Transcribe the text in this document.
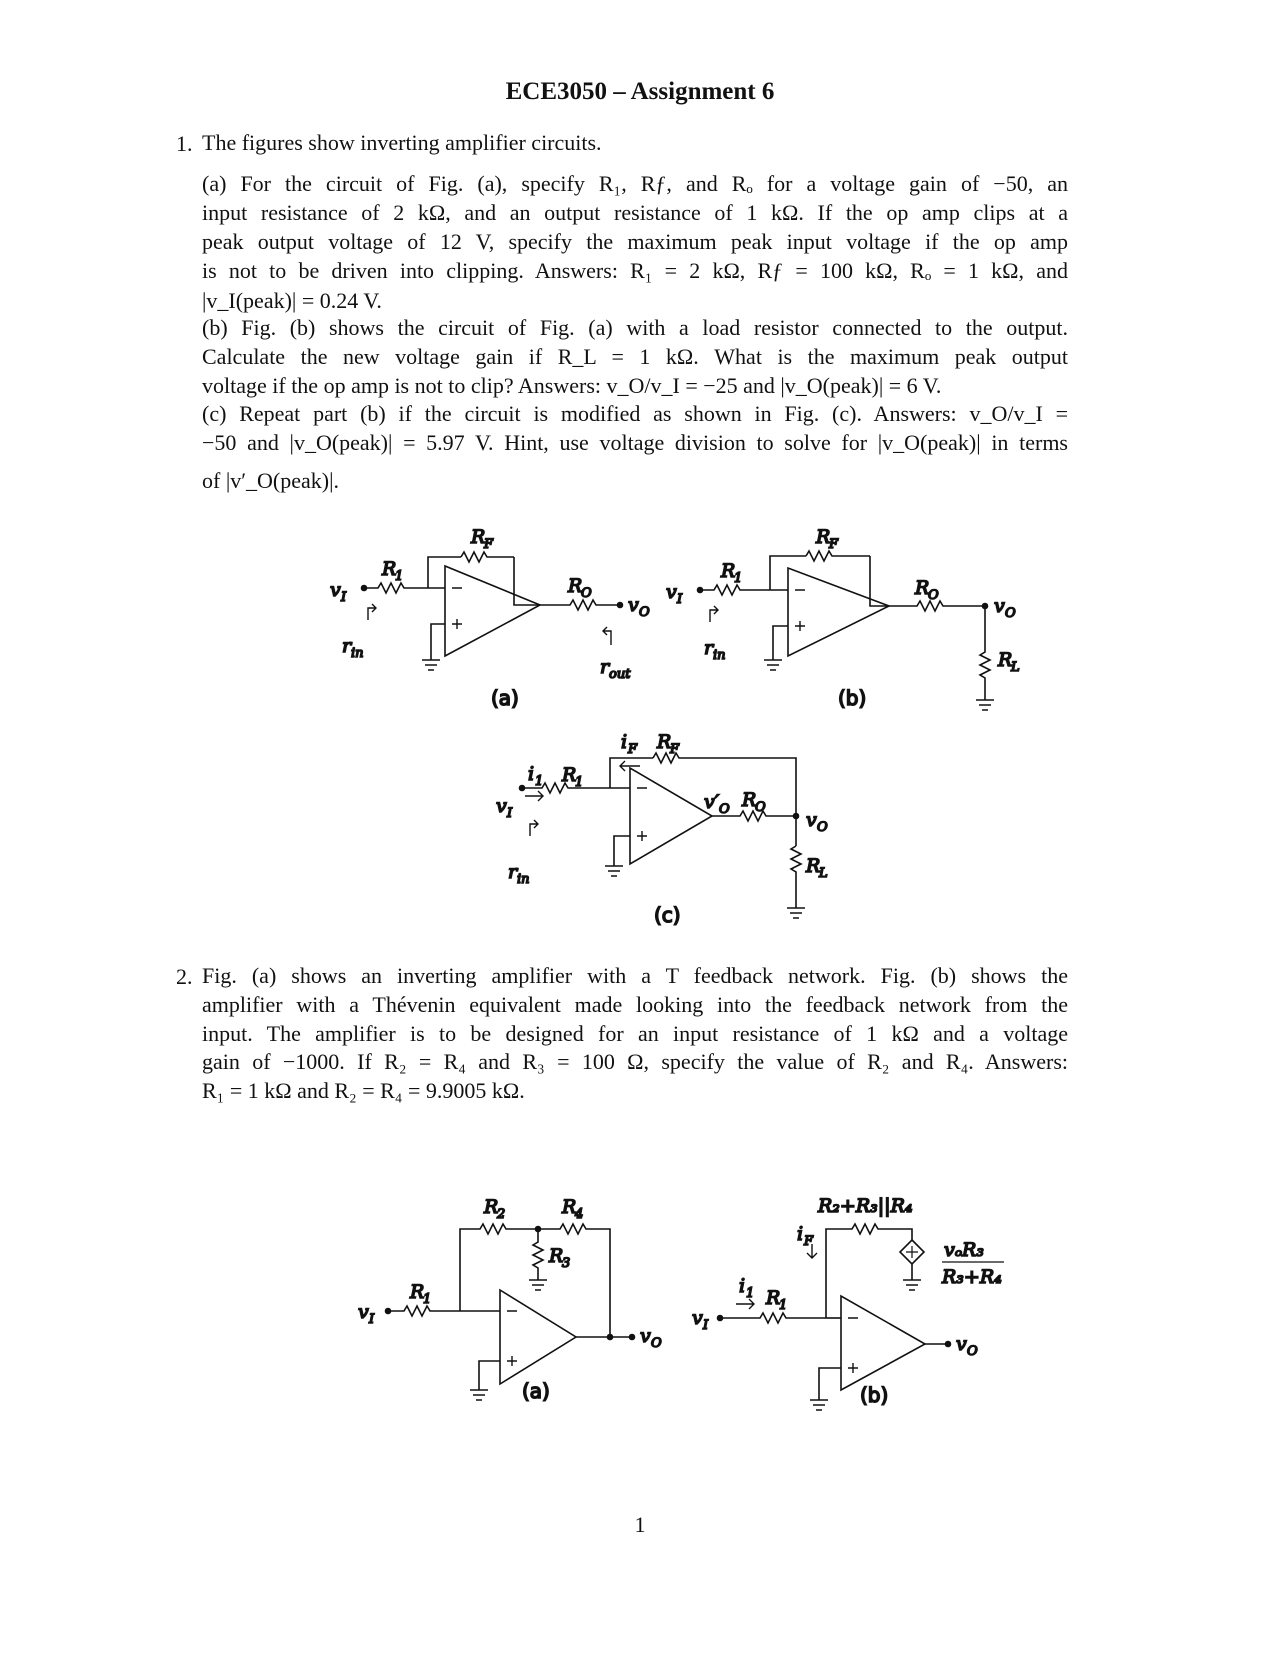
ECE3050 – Assignment 6
1. The figures show inverting amplifier circuits.
(a) For the circuit of Fig. (a), specify R₁, Rƒ, and Rₒ for a voltage gain of −50, an
input resistance of 2 kΩ, and an output resistance of 1 kΩ. If the op amp clips at a
peak output voltage of 12 V, specify the maximum peak input voltage if the op amp
is not to be driven into clipping. Answers: R₁ = 2 kΩ, Rƒ = 100 kΩ, Rₒ = 1 kΩ, and
|v_I(peak)| = 0.24 V.
(b) Fig. (b) shows the circuit of Fig. (a) with a load resistor connected to the output.
Calculate the new voltage gain if R_L = 1 kΩ. What is the maximum peak output
voltage if the op amp is not to clip? Answers: v_O/v_I = −25 and |v_O(peak)| = 6 V.
(c) Repeat part (b) if the circuit is modified as shown in Fig. (c). Answers: v_O/v_I =
−50 and |v_O(peak)| = 5.97 V. Hint, use voltage division to solve for |v_O(peak)| in terms
of |v′_O(peak)|.
2. Fig. (a) shows an inverting amplifier with a T feedback network. Fig. (b) shows the
amplifier with a Thévenin equivalent made looking into the feedback network from the
input. The amplifier is to be designed for an input resistance of 1 kΩ and a voltage
gain of −1000. If R₂ = R₄ and R₃ = 100 Ω, specify the value of R₂ and R₄. Answers:
R₁ = 1 kΩ and R₂ = R₄ = 9.9005 kΩ.
v I
R
1
R
F
R
O
v O
r in
r out
(a)
v I
R
1
R
F
R
O	v O
R
L
r in
(b)
i 1 R
1
v I
i F R
F
v′ O R
O
v O
R
L
r in
(c)
v I
R
1
R
2	R
4
R
3
v O
(a)
R₂+R₃||R₄
i F
i 1 R
1
v I
vₒR₃
R₃+R₄
v O
(b)
1
